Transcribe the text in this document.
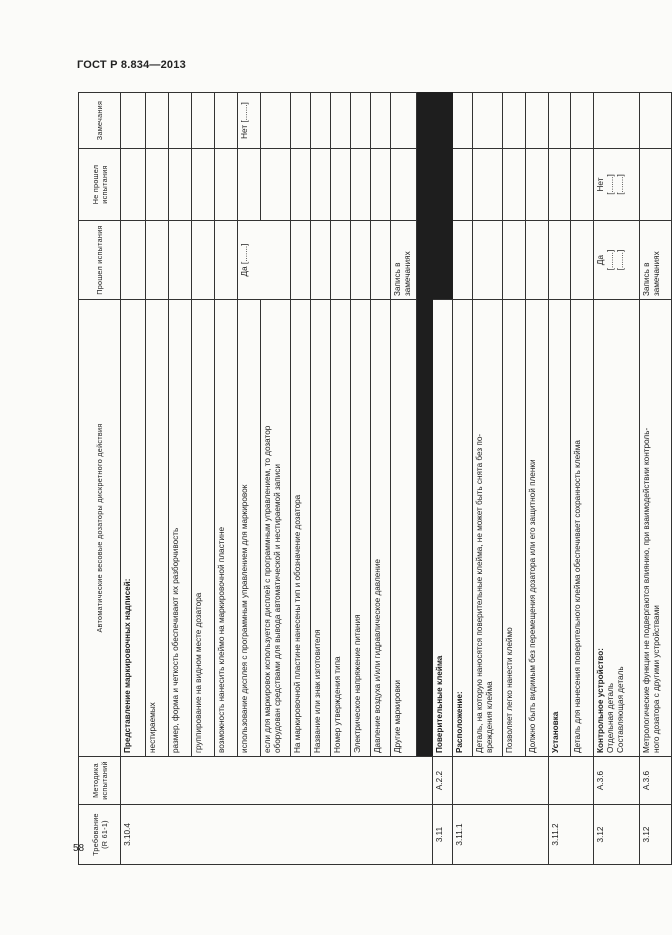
ГОСТ Р 8.834—2013
Требование (R 61-1)	Методика испытаний	Автоматические весовые дозаторы дискретного действия	Прошел испытания	Не прошел испытания	Замечания
3.10.4		Представление маркировочных надписей:			
		нестираемых			
		размер, форма и четкость обеспечивают их разборчивость			
		группирование на видном месте дозатора			
		возможность нанесить клеймо на маркировочной пластине			
		использование дисплея с программным управлением для маркировок	Да [.......]		Нет [.......]
		если для маркировок используется дисплей с программным управлением, то дозатор
оборудован средствами для вывода автоматической и нестираемой записи			
		На маркировочной пластине нанесены тип и обозначение дозатора			
		Название или знак изготовителя			
		Номер утверждения типа			
		Электрическое напряжение питания			
		Давление воздуха и/или гидравлическое давление			
		Другие маркировки	Запись в замечаниях		

3.11	А.2.2	Поверительные клейма			
3.11.1		Расположение:			
		Деталь, на которую наносятся поверительные клейма, не может быть снята без по-
вреждения клейма			
		Позволяет легко нанести клеймо			
		Должно быть видимым без перемещения дозатора или его защитной пленки			
3.11.2		Установка			
		Деталь для нанесения поверительного клейма обеспечивает сохранность клейма			
3.12	А.3.6	Контрольное устройство:
Отдельная деталь
Составляющая деталь	Да [.......] [.......]	Нет [.......] [.......]	

3.12	А.3.6	Метрологические функции не подвергаются влиянию, при взаимодействии контроль-
ного дозатора с другими устройствами	Запись в замечаниях		
58
